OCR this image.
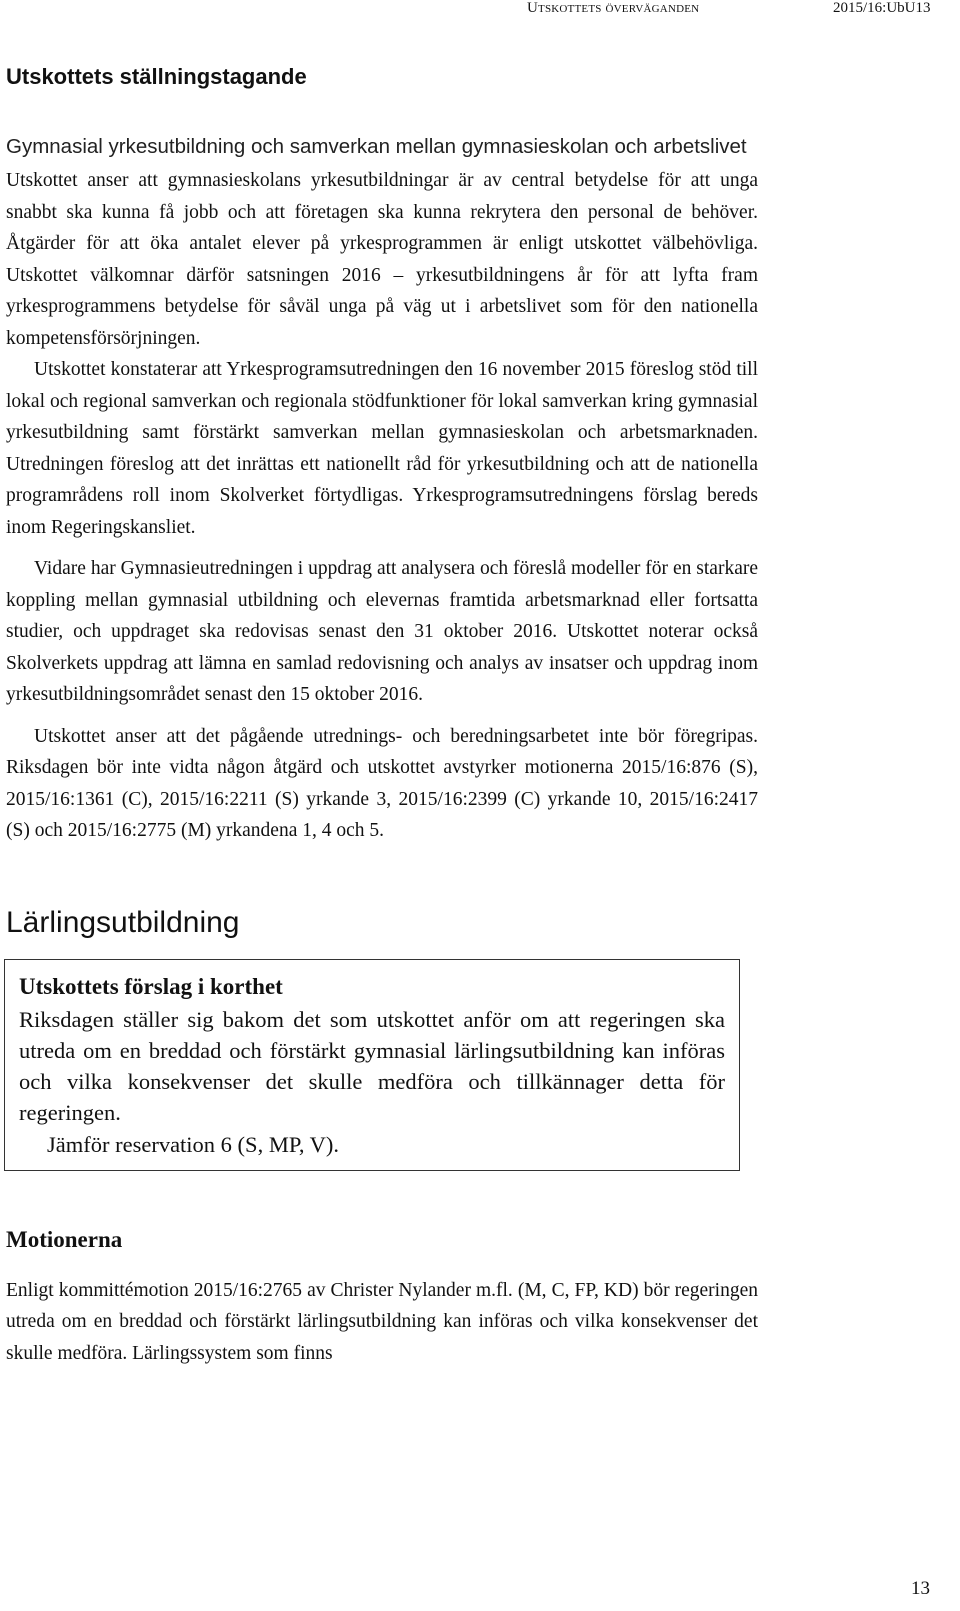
Utskottets överväganden	2015/16:UbU13
Utskottets ställningstagande
Gymnasial yrkesutbildning och samverkan mellan gymnasieskolan och arbetslivet

Utskottet anser att gymnasieskolans yrkesutbildningar är av central betydelse för att unga snabbt ska kunna få jobb och att företagen ska kunna rekrytera den personal de behöver. Åtgärder för att öka antalet elever på yrkesprogrammen är enligt utskottet välbehövliga. Utskottet välkomnar därför satsningen 2016 – yrkesutbildningens år för att lyfta fram yrkesprogrammens betydelse för såväl unga på väg ut i arbetslivet som för den nationella kompetensförsörjningen.

Utskottet konstaterar att Yrkesprogramsutredningen den 16 november 2015 föreslog stöd till lokal och regional samverkan och regionala stödfunktioner för lokal samverkan kring gymnasial yrkesutbildning samt förstärkt samverkan mellan gymnasieskolan och arbetsmarknaden. Utredningen föreslog att det inrättas ett nationellt råd för yrkesutbildning och att de nationella programrådens roll inom Skolverket förtydligas. Yrkesprogramsutredningens förslag bereds inom Regeringskansliet.

Vidare har Gymnasieutredningen i uppdrag att analysera och föreslå modeller för en starkare koppling mellan gymnasial utbildning och elevernas framtida arbetsmarknad eller fortsatta studier, och uppdraget ska redovisas senast den 31 oktober 2016. Utskottet noterar också Skolverkets uppdrag att lämna en samlad redovisning och analys av insatser och uppdrag inom yrkesutbildningsområdet senast den 15 oktober 2016.

Utskottet anser att det pågående utrednings- och beredningsarbetet inte bör föregripas. Riksdagen bör inte vidta någon åtgärd och utskottet avstyrker motionerna 2015/16:876 (S), 2015/16:1361 (C), 2015/16:2211 (S) yrkande 3, 2015/16:2399 (C) yrkande 10, 2015/16:2417 (S) och 2015/16:2775 (M) yrkandena 1, 4 och 5.

Lärlingsutbildning

Utskottets förslag i korthet

Riksdagen ställer sig bakom det som utskottet anför om att regeringen ska utreda om en breddad och förstärkt gymnasial lärlingsutbildning kan införas och vilka konsekvenser det skulle medföra och tillkännager detta för regeringen.

Jämför reservation 6 (S, MP, V).

Motionerna

Enligt kommittémotion 2015/16:2765 av Christer Nylander m.fl. (M, C, FP, KD) bör regeringen utreda om en breddad och förstärkt lärlingsutbildning kan införas och vilka konsekvenser det skulle medföra. Lärlingssystem som finns

13
